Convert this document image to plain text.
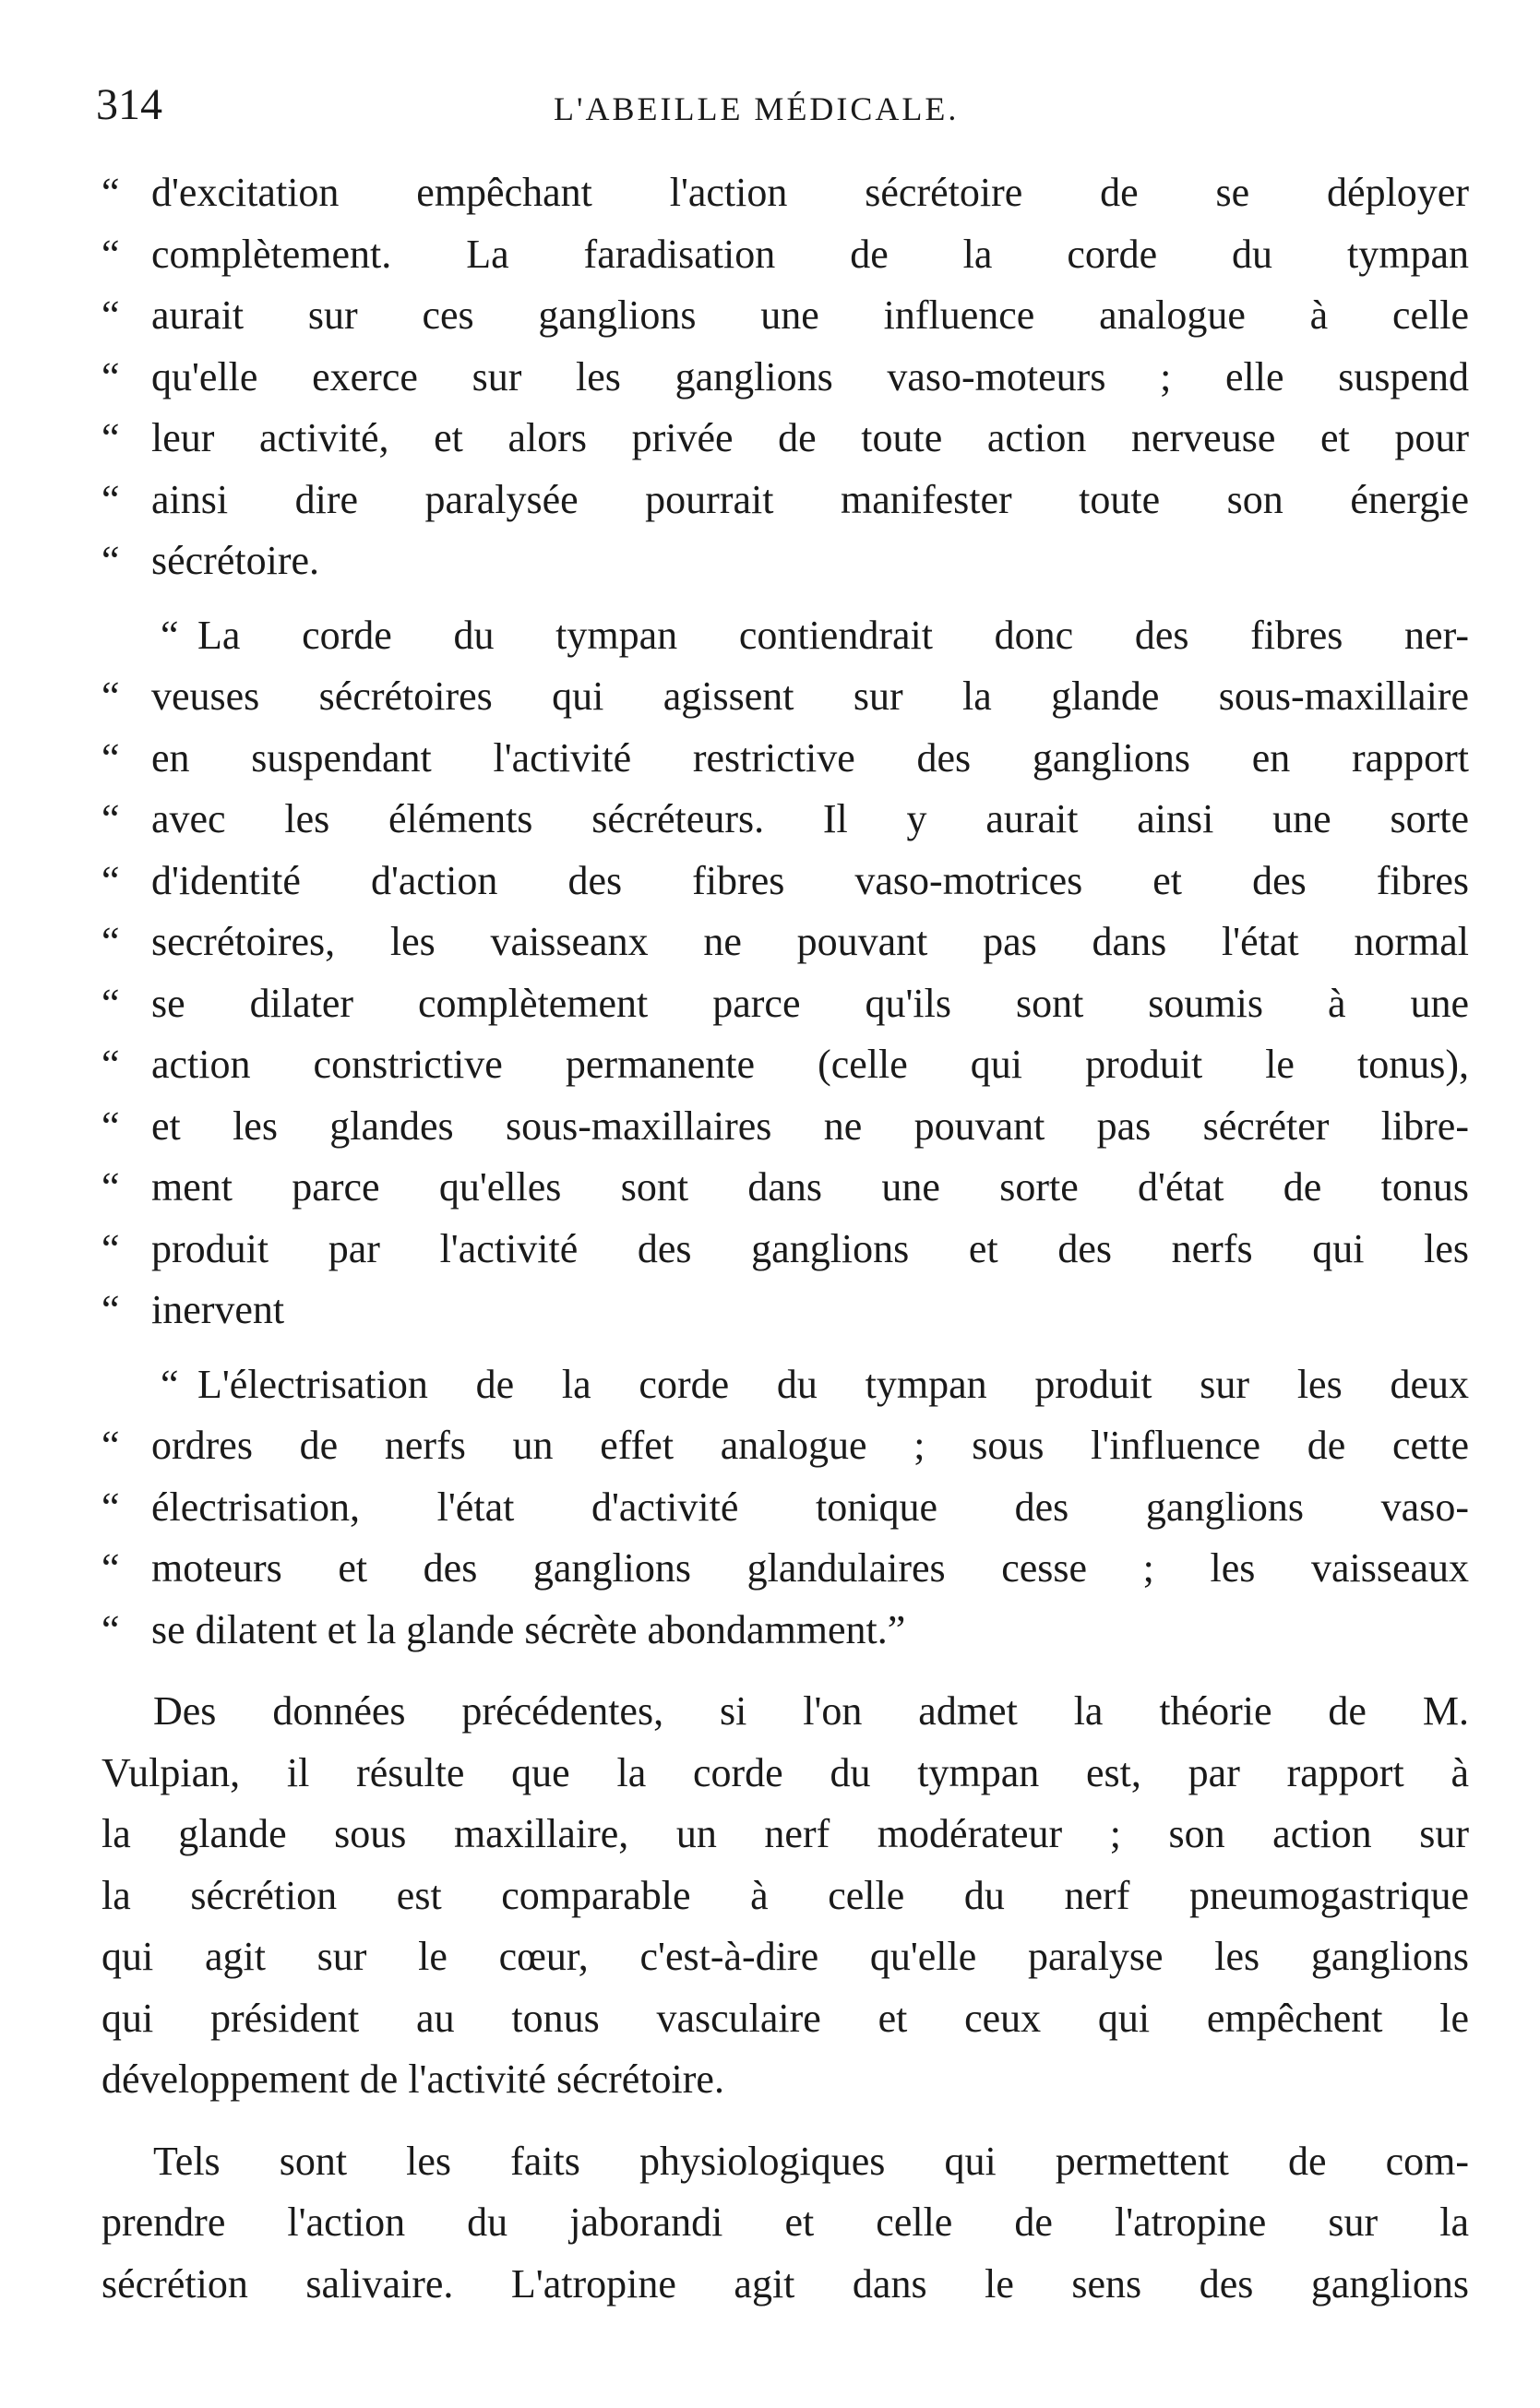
314	L'ABEILLE MÉDICALE.
“ d'excitation empêchant l'action sécrétoire de se déployer
“ complètement. La faradisation de la corde du tympan
“ aurait sur ces ganglions une influence analogue à celle
“ qu'elle exerce sur les ganglions vaso-moteurs ; elle suspend
“ leur activité, et alors privée de toute action nerveuse et pour
“ ainsi dire paralysée pourrait manifester toute son énergie
“ sécrétoire.
“ La corde du tympan contiendrait donc des fibres ner-
“ veuses sécrétoires qui agissent sur la glande sous-maxillaire
“ en suspendant l'activité restrictive des ganglions en rapport
“ avec les éléments sécréteurs. Il y aurait ainsi une sorte
“ d'identité d'action des fibres vaso-motrices et des fibres
“ secrétoires, les vaisseanx ne pouvant pas dans l'état normal
“ se dilater complètement parce qu'ils sont soumis à une
“ action constrictive permanente (celle qui produit le tonus),
“ et les glandes sous-maxillaires ne pouvant pas sécréter libre-
“ ment parce qu'elles sont dans une sorte d'état de tonus
“ produit par l'activité des ganglions et des nerfs qui les
“ inervent
“ L'électrisation de la corde du tympan produit sur les deux
“ ordres de nerfs un effet analogue ; sous l'influence de cette
“ électrisation, l'état d'activité tonique des ganglions vaso-
“ moteurs et des ganglions glandulaires cesse ; les vaisseaux
“ se dilatent et la glande sécrète abondamment.”
Des données précédentes, si l'on admet la théorie de M.
Vulpian, il résulte que la corde du tympan est, par rapport à
la glande sous maxillaire, un nerf modérateur ; son action sur
la sécrétion est comparable à celle du nerf pneumogastrique
qui agit sur le cœur, c'est-à-dire qu'elle paralyse les ganglions
qui président au tonus vasculaire et ceux qui empêchent le
développement de l'activité sécrétoire.
Tels sont les faits physiologiques qui permettent de com-
prendre l'action du jaborandi et celle de l'atropine sur la
sécrétion salivaire. L'atropine agit dans le sens des ganglions
